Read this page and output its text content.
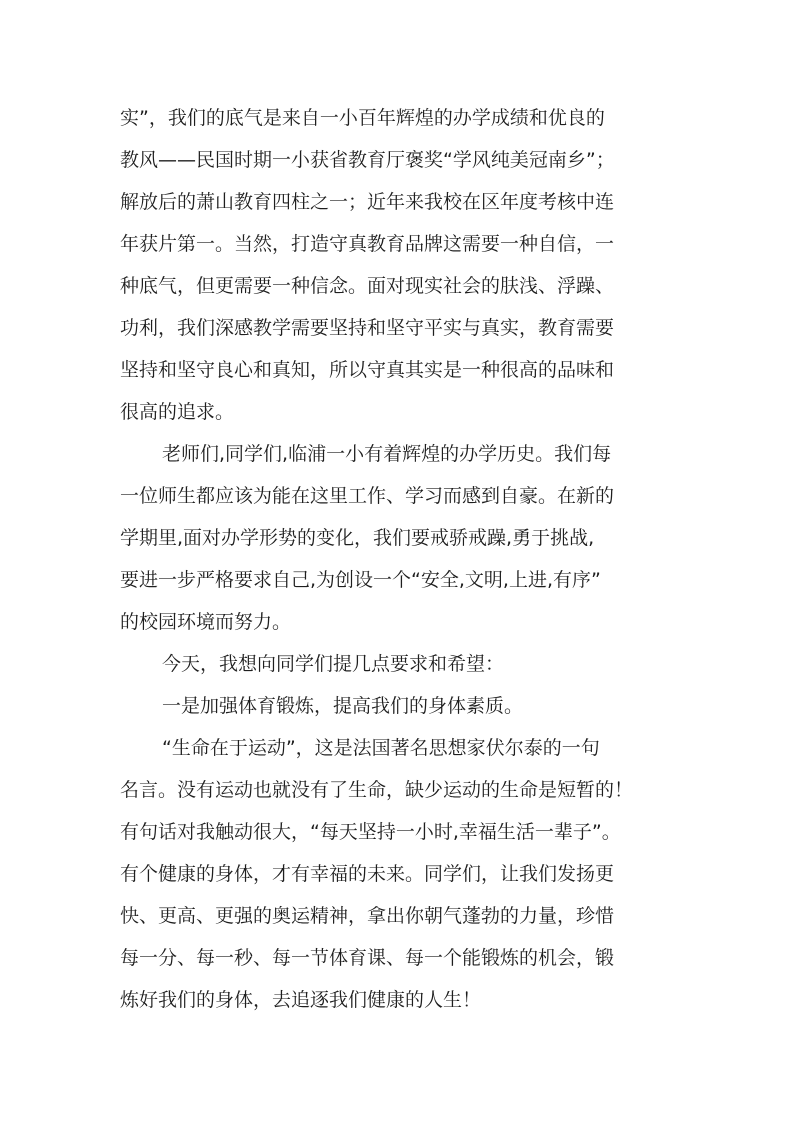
实”，我们的底气是来自一小百年辉煌的办学成绩和优良的
教风——民国时期一小获省教育厅褒奖“学风纯美冠南乡”；
解放后的萧山教育四柱之一；近年来我校在区年度考核中连
年获片第一。当然，打造守真教育品牌这需要一种自信，一
种底气，但更需要一种信念。面对现实社会的肤浅、浮躁、
功利，我们深感教学需要坚持和坚守平实与真实，教育需要
坚持和坚守良心和真知，所以守真其实是一种很高的品味和
很高的追求。
老师们,同学们,临浦一小有着辉煌的办学历史。我们每
一位师生都应该为能在这里工作、学习而感到自豪。在新的
学期里,面对办学形势的变化，我们要戒骄戒躁,勇于挑战,
要进一步严格要求自己,为创设一个“安全,文明,上进,有序”
的校园环境而努力。
今天，我想向同学们提几点要求和希望：
一是加强体育锻炼，提高我们的身体素质。
“生命在于运动”，这是法国著名思想家伏尔泰的一句
名言。没有运动也就没有了生命，缺少运动的生命是短暂的！
有句话对我触动很大，“每天坚持一小时,幸福生活一辈子”。
有个健康的身体，才有幸福的未来。同学们，让我们发扬更
快、更高、更强的奥运精神，拿出你朝气蓬勃的力量，珍惜
每一分、每一秒、每一节体育课、每一个能锻炼的机会，锻
炼好我们的身体，去追逐我们健康的人生！
